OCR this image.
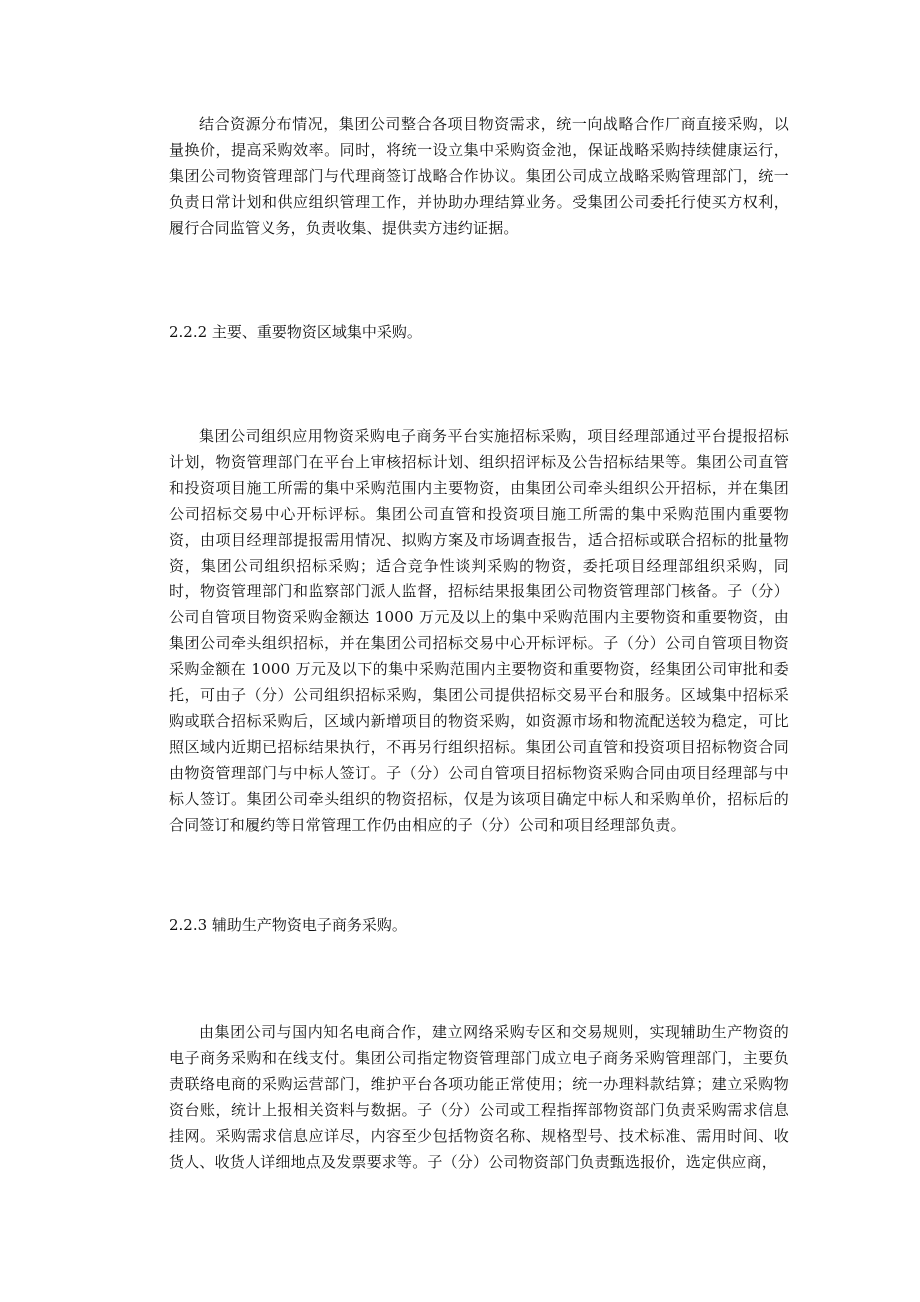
结合资源分布情况，集团公司整合各项目物资需求，统一向战略合作厂商直接采购，以量换价，提高采购效率。同时，将统一设立集中采购资金池，保证战略采购持续健康运行，集团公司物资管理部门与代理商签订战略合作协议。集团公司成立战略采购管理部门，统一负责日常计划和供应组织管理工作，并协助办理结算业务。受集团公司委托行使买方权利，履行合同监管义务，负责收集、提供卖方违约证据。

2.2.2 主要、重要物资区域集中采购。

集团公司组织应用物资采购电子商务平台实施招标采购，项目经理部通过平台提报招标计划，物资管理部门在平台上审核招标计划、组织招评标及公告招标结果等。集团公司直管和投资项目施工所需的集中采购范围内主要物资，由集团公司牵头组织公开招标，并在集团公司招标交易中心开标评标。集团公司直管和投资项目施工所需的集中采购范围内重要物资，由项目经理部提报需用情况、拟购方案及市场调查报告，适合招标或联合招标的批量物资，集团公司组织招标采购；适合竞争性谈判采购的物资，委托项目经理部组织采购，同时，物资管理部门和监察部门派人监督，招标结果报集团公司物资管理部门核备。子（分）公司自管项目物资采购金额达 1000 万元及以上的集中采购范围内主要物资和重要物资，由集团公司牵头组织招标，并在集团公司招标交易中心开标评标。子（分）公司自管项目物资采购金额在 1000 万元及以下的集中采购范围内主要物资和重要物资，经集团公司审批和委托，可由子（分）公司组织招标采购，集团公司提供招标交易平台和服务。区域集中招标采购或联合招标采购后，区域内新增项目的物资采购，如资源市场和物流配送较为稳定，可比照区域内近期已招标结果执行，不再另行组织招标。集团公司直管和投资项目招标物资合同由物资管理部门与中标人签订。子（分）公司自管项目招标物资采购合同由项目经理部与中标人签订。集团公司牵头组织的物资招标，仅是为该项目确定中标人和采购单价，招标后的合同签订和履约等日常管理工作仍由相应的子（分）公司和项目经理部负责。

2.2.3 辅助生产物资电子商务采购。

由集团公司与国内知名电商合作，建立网络采购专区和交易规则，实现辅助生产物资的电子商务采购和在线支付。集团公司指定物资管理部门成立电子商务采购管理部门，主要负责联络电商的采购运营部门，维护平台各项功能正常使用；统一办理料款结算；建立采购物资台账，统计上报相关资料与数据。子（分）公司或工程指挥部物资部门负责采购需求信息挂网。采购需求信息应详尽，内容至少包括物资名称、规格型号、技术标准、需用时间、收货人、收货人详细地点及发票要求等。子（分）公司物资部门负责甄选报价，选定供应商，
